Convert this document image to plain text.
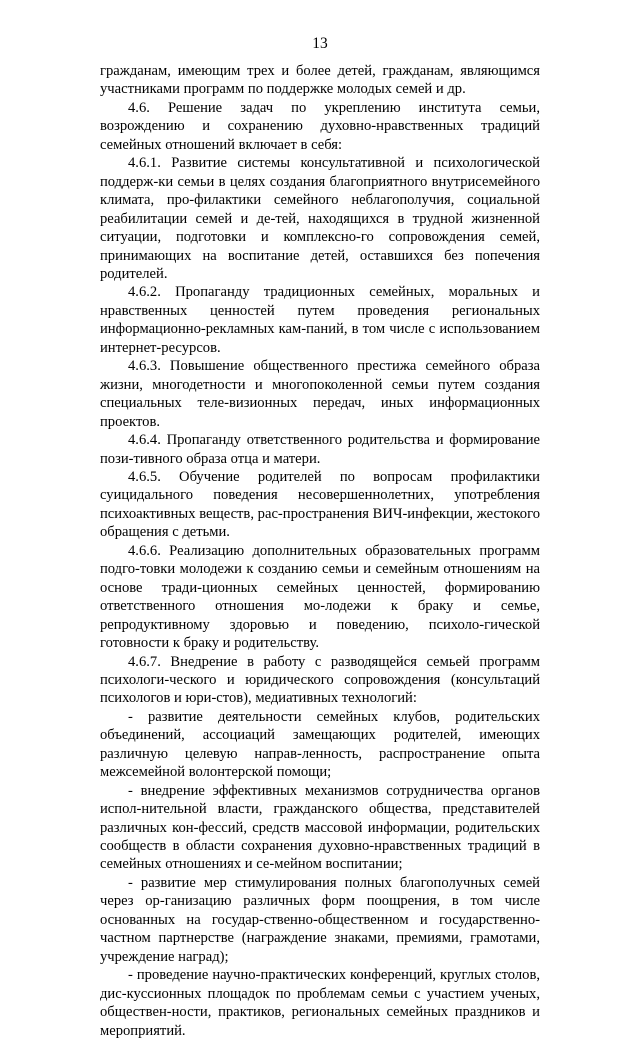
13

гражданам, имеющим трех и более детей, гражданам, являющимся участниками программ по поддержке молодых семей и др.

4.6. Решение задач по укреплению института семьи, возрождению и сохранению духовно-нравственных традиций семейных отношений включает в себя:

4.6.1. Развитие системы консультативной и психологической поддерж-ки семьи в целях создания благоприятного внутрисемейного климата, про-филактики семейного неблагополучия, социальной реабилитации семей и де-тей, находящихся в трудной жизненной ситуации, подготовки и комплексно-го сопровождения семей, принимающих на воспитание детей, оставшихся без попечения родителей.

4.6.2. Пропаганду традиционных семейных, моральных и нравственных ценностей путем проведения региональных информационно-рекламных кам-паний, в том числе с использованием интернет-ресурсов.

4.6.3. Повышение общественного престижа семейного образа жизни, многодетности и многопоколенной семьи путем создания специальных теле-визионных передач, иных информационных проектов.

4.6.4. Пропаганду ответственного родительства и формирование пози-тивного образа отца и матери.

4.6.5. Обучение родителей по вопросам профилактики суицидального поведения несовершеннолетних, употребления психоактивных веществ, рас-пространения ВИЧ-инфекции, жестокого обращения с детьми.

4.6.6. Реализацию дополнительных образовательных программ подго-товки молодежи к созданию семьи и семейным отношениям на основе тради-ционных семейных ценностей, формированию ответственного отношения мо-лодежи к браку и семье, репродуктивному здоровью и поведению, психоло-гической готовности к браку и родительству.

4.6.7. Внедрение в работу с разводящейся семьей программ психологи-ческого и юридического сопровождения (консультаций психологов и юри-стов), медиативных технологий:

- развитие деятельности семейных клубов, родительских объединений, ассоциаций замещающих родителей, имеющих различную целевую направ-ленность, распространение опыта межсемейной волонтерской помощи;

- внедрение эффективных механизмов сотрудничества органов испол-нительной власти, гражданского общества, представителей различных кон-фессий, средств массовой информации, родительских сообществ в области сохранения духовно-нравственных традиций в семейных отношениях и се-мейном воспитании;

- развитие мер стимулирования полных благополучных семей через ор-ганизацию различных форм поощрения, в том числе основанных на государ-ственно-общественном и государственно-частном партнерстве (награждение знаками, премиями, грамотами, учреждение наград);

- проведение научно-практических конференций, круглых столов, дис-куссионных площадок по проблемам семьи с участием ученых, обществен-ности, практиков, региональных семейных праздников и мероприятий.
